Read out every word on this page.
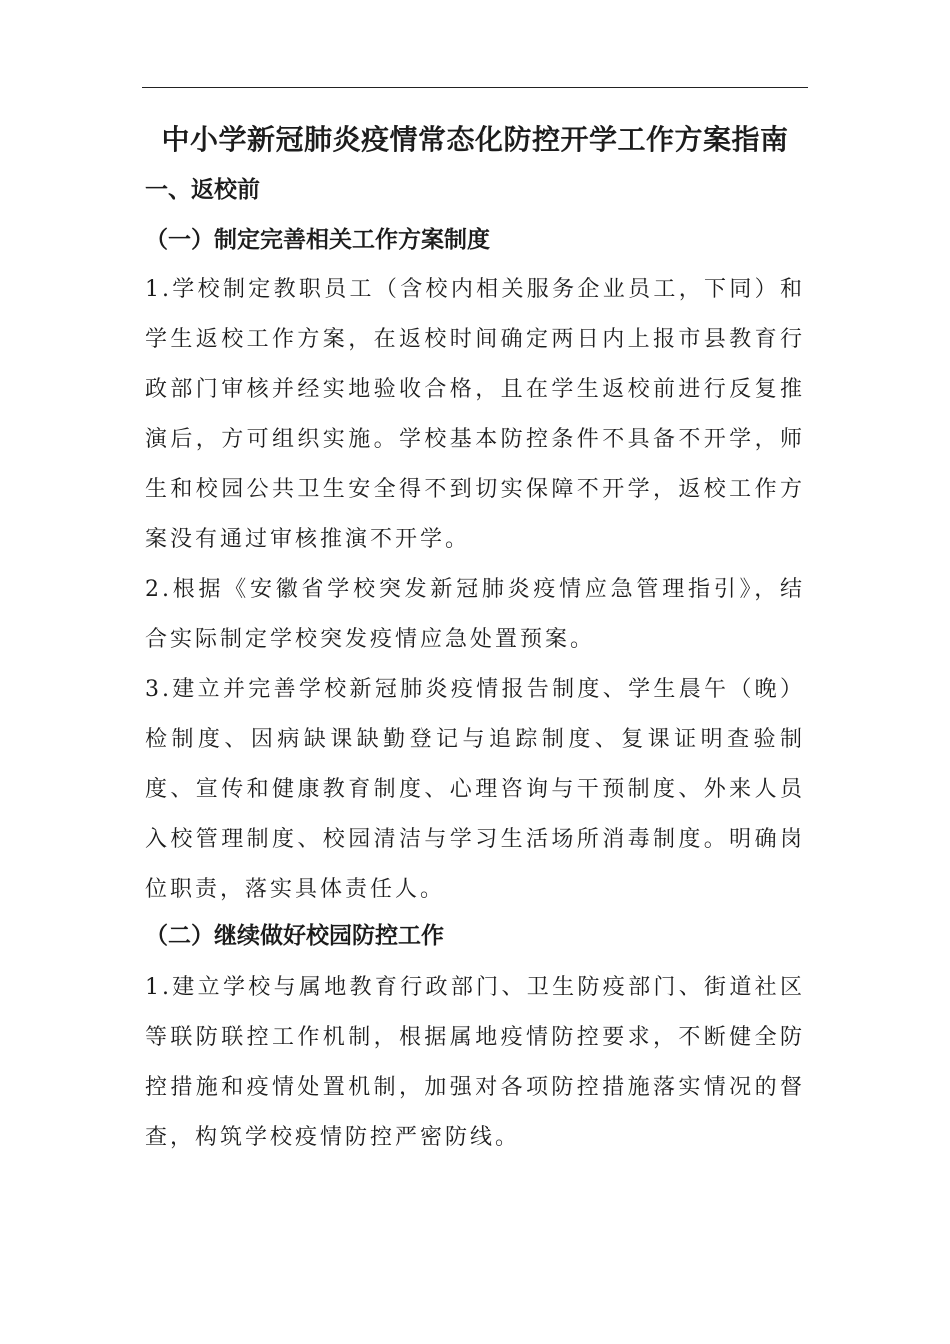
中小学新冠肺炎疫情常态化防控开学工作方案指南
一、返校前
（一）制定完善相关工作方案制度

1.学校制定教职员工（含校内相关服务企业员工，下同）和学生返校工作方案，在返校时间确定两日内上报市县教育行政部门审核并经实地验收合格，且在学生返校前进行反复推演后，方可组织实施。学校基本防控条件不具备不开学，师生和校园公共卫生安全得不到切实保障不开学，返校工作方案没有通过审核推演不开学。

2.根据《安徽省学校突发新冠肺炎疫情应急管理指引》，结合实际制定学校突发疫情应急处置预案。

3.建立并完善学校新冠肺炎疫情报告制度、学生晨午（晚）检制度、因病缺课缺勤登记与追踪制度、复课证明查验制度、宣传和健康教育制度、心理咨询与干预制度、外来人员入校管理制度、校园清洁与学习生活场所消毒制度。明确岗位职责，落实具体责任人。

（二）继续做好校园防控工作

1.建立学校与属地教育行政部门、卫生防疫部门、街道社区等联防联控工作机制，根据属地疫情防控要求，不断健全防控措施和疫情处置机制，加强对各项防控措施落实情况的督查，构筑学校疫情防控严密防线。
